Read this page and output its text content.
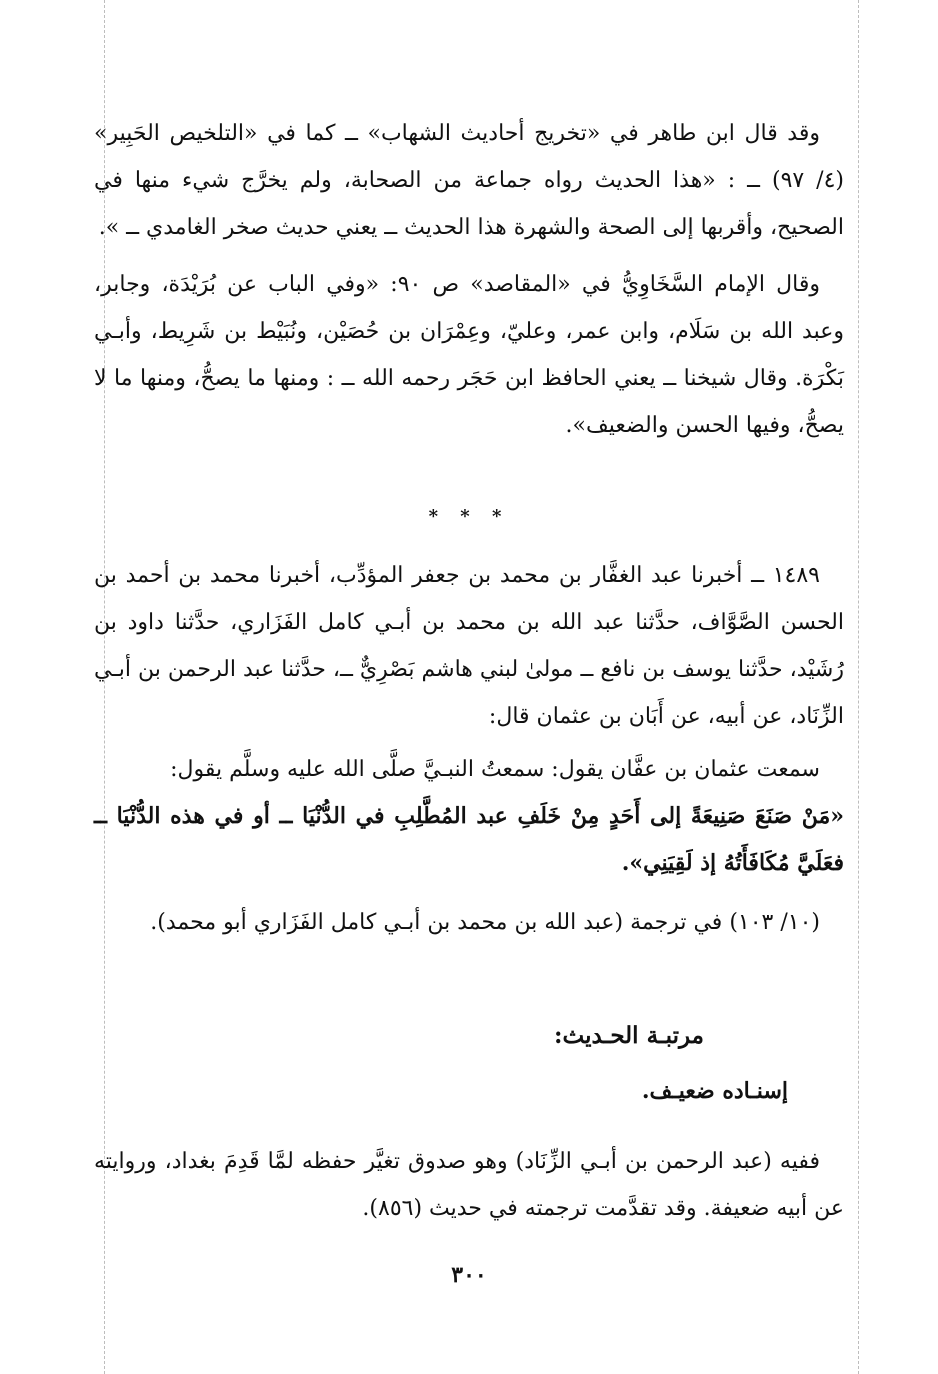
وقد قال ابن طاهر في «تخريج أحاديث الشهاب» ــ كما في «التلخيص الحَبِير» (٤/ ٩٧) ــ : «هذا الحديث رواه جماعة من الصحابة، ولم يخرَّج شيء منها في الصحيح، وأقربها إلى الصحة والشهرة هذا الحديث ــ يعني حديث صخر الغامدي ــ ».

وقال الإمام السَّخَاوِيُّ في «المقاصد» ص ٩٠: «وفي الباب عن بُرَيْدَة، وجابر، وعبد الله بن سَلَام، وابن عمر، وعليّ، وعِمْرَان بن حُصَيْن، ونُبَيْط بن شَرِيط، وأبـي بَكْرَة. وقال شيخنا ــ يعني الحافظ ابن حَجَر رحمه الله ــ : ومنها ما يصحُّ، ومنها ما لا يصحُّ، وفيها الحسن والضعيف».

* * *

١٤٨٩ ــ أخبرنا عبد الغفَّار بن محمد بن جعفر المؤدِّب، أخبرنا محمد بن أحمد بن الحسن الصَّوَّاف، حدَّثنا عبد الله بن محمد بن أبـي كامل الفَزَاري، حدَّثنا داود بن رُشَيْد، حدَّثنا يوسف بن نافع ــ مولىٰ لبني هاشم بَصْرِيٌّ ــ، حدَّثنا عبد الرحمن بن أبـي الزِّنَاد، عن أبيه، عن أَبَان بن عثمان قال:

سمعت عثمان بن عفَّان يقول: سمعتُ النبـيَّ صلَّى الله عليه وسلَّم يقول:

«مَنْ صَنَعَ صَنِيعَةً إلى أَحَدٍ مِنْ خَلَفِ عبد المُطَّلِبِ في الدُّنْيَا ــ أو في هذه الدُّنْيَا ــ فعَلَيَّ مُكَافَأَتُهُ إذ لَقِيَنِي».

(١٠/ ١٠٣) في ترجمة (عبد الله بن محمد بن أبـي كامل الفَزَاري أبو محمد).

مرتبـة الحـديث:
إسنـاده ضعيـف.

ففيه (عبد الرحمن بن أبـي الزِّنَاد) وهو صدوق تغيَّر حفظه لمَّا قَدِمَ بغداد، وروايته عن أبيه ضعيفة. وقد تقدَّمت ترجمته في حديث (٨٥٦).

٣٠٠
